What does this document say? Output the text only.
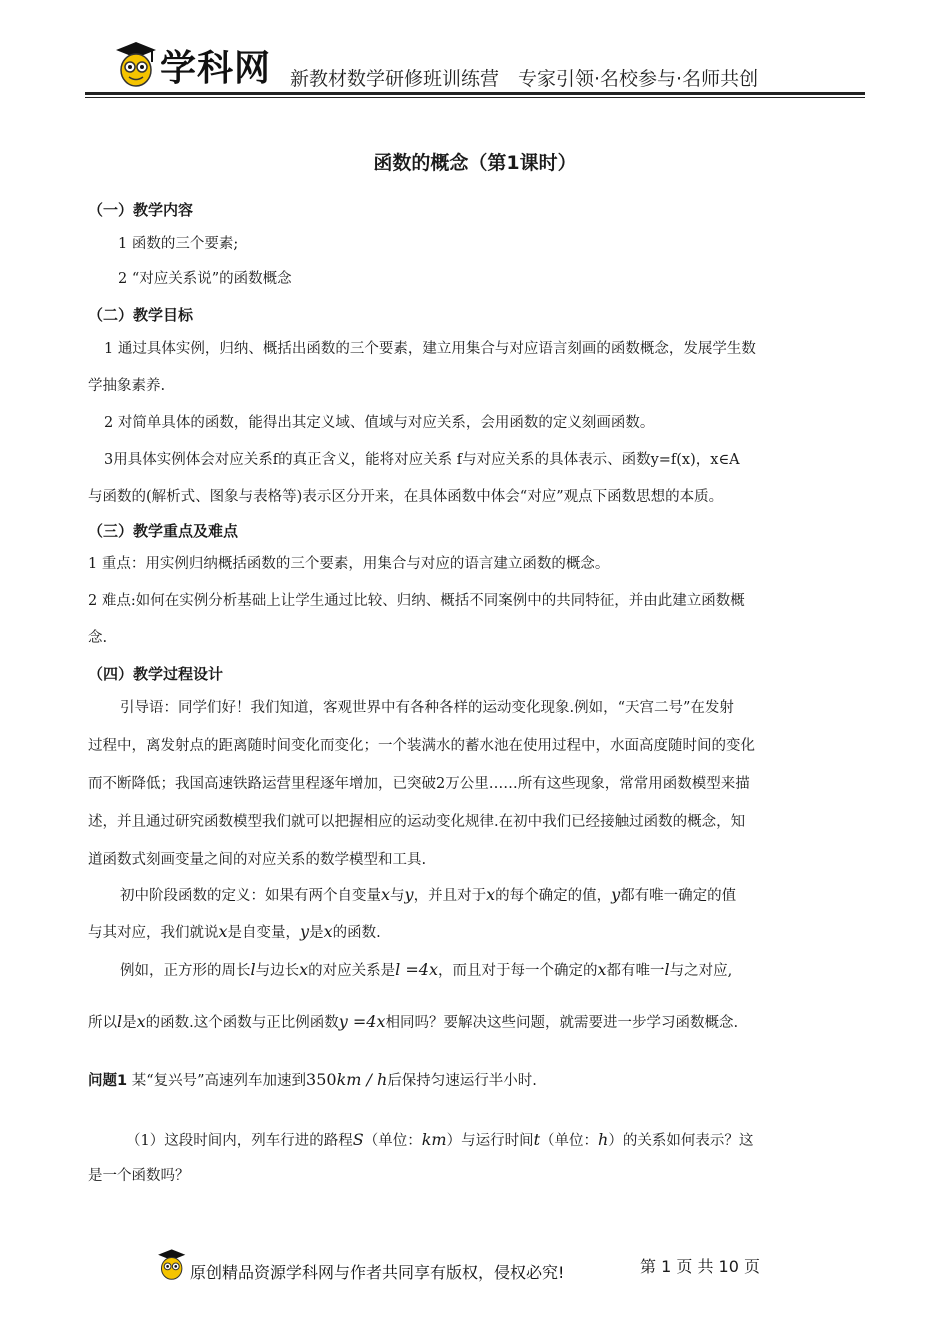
学科网 新教材数学研修班训练营　专家引领·名校参与·名师共创
函数的概念（第1课时）
（一）教学内容
1 函数的三个要素;
2 “对应关系说”的函数概念
（二）教学目标
1 通过具体实例，归纳、概括出函数的三个要素，建立用集合与对应语言刻画的函数概念，发展学生数
学抽象素养.
2 对简单具体的函数，能得出其定义域、值域与对应关系，会用函数的定义刻画函数。
3用具体实例体会对应关系f的真正含义，能将对应关系 f与对应关系的具体表示、函数y=f(x)，x∈A
与函数的(解析式、图象与表格等)表示区分开来，在具体函数中体会“对应”观点下函数思想的本质。
（三）教学重点及难点
1 重点：用实例归纳概括函数的三个要素，用集合与对应的语言建立函数的概念。
2 难点:如何在实例分析基础上让学生通过比较、归纳、概括不同案例中的共同特征，并由此建立函数概
念.
（四）教学过程设计
引导语：同学们好！我们知道，客观世界中有各种各样的运动变化现象.例如，“天宫二号”在发射
过程中，离发射点的距离随时间变化而变化；一个装满水的蓄水池在使用过程中，水面高度随时间的变化
而不断降低；我国高速铁路运营里程逐年增加，已突破2万公里……所有这些现象，常常用函数模型来描
述，并且通过研究函数模型我们就可以把握相应的运动变化规律.在初中我们已经接触过函数的概念，知
道函数式刻画变量之间的对应关系的数学模型和工具.
初中阶段函数的定义：如果有两个自变量x与y，并且对于x的每个确定的值，y都有唯一确定的值
与其对应，我们就说x是自变量，y是x的函数.
例如，正方形的周长l与边长x的对应关系是l =4x，而且对于每一个确定的x都有唯一l与之对应,
所以l是x的函数.这个函数与正比例函数y =4x相同吗？要解决这些问题，就需要进一步学习函数概念.
问题1 某“复兴号”高速列车加速到350km / h后保持匀速运行半小时.
（1）这段时间内，列车行进的路程S（单位：km）与运行时间t（单位：h）的关系如何表示？这
是一个函数吗？
原创精品资源学科网与作者共同享有版权，侵权必究!	第 1 页 共 10 页
